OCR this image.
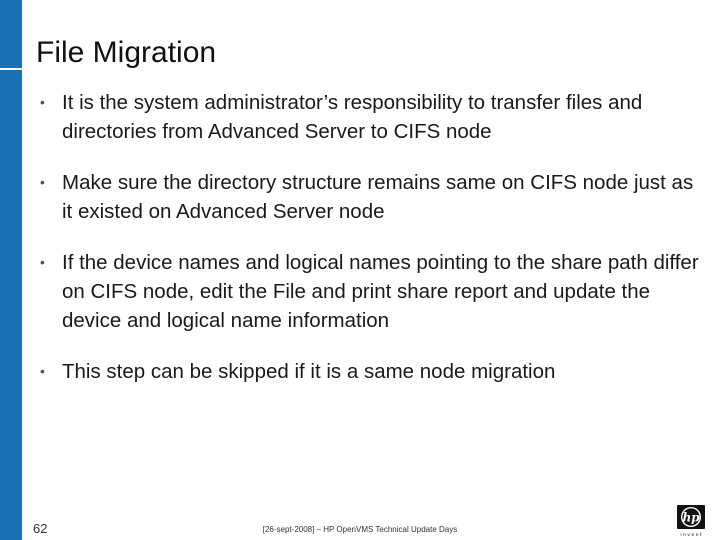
File Migration
• It is the system administrator’s responsibility to transfer files and directories from Advanced Server to CIFS node
• Make sure the directory structure remains same on CIFS node just as it existed on Advanced Server node
• If the device names and logical names pointing to the share path differ on CIFS node, edit the File and print share report and update the device and logical name information
• This step can be skipped if it is a same node migration
62	[26-sept-2008] – HP OpenVMS Technical Update Days
hp
i n v e n t
